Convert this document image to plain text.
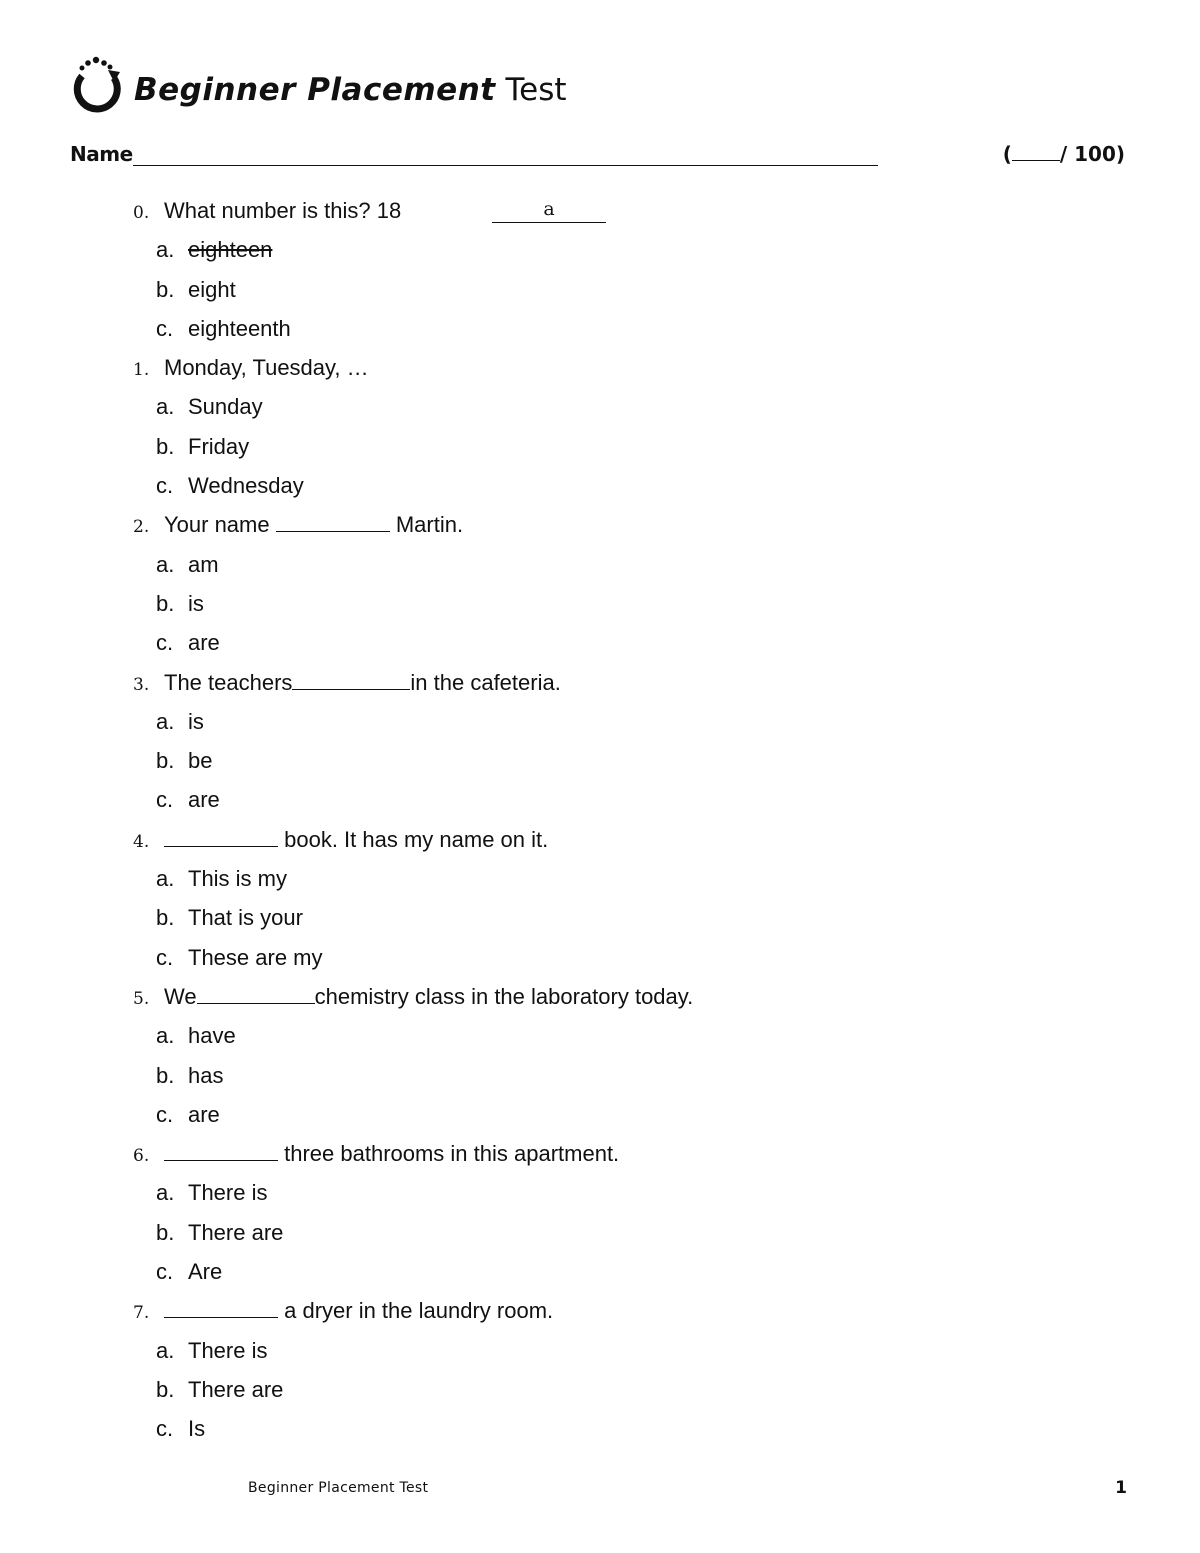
Beginner Placement Test
Name	( / 100)
0. What number is this? 18	a
a. eighteen
b. eight
c. eighteenth
1. Monday, Tuesday, …
a. Sunday
b. Friday
c. Wednesday
2. Your name	Martin.
a. am
b. is
c. are
3. The teachers	in the cafeteria.
a. is
b. be
c. are
4.	book. It has my name on it.
a. This is my
b. That is your
c. These are my
5. We	chemistry class in the laboratory today.
a. have
b. has
c. are
6.	three bathrooms in this apartment.
a. There is
b. There are
c. Are
7.	a dryer in the laundry room.
a. There is
b. There are
c. Is
Beginner Placement Test	1
